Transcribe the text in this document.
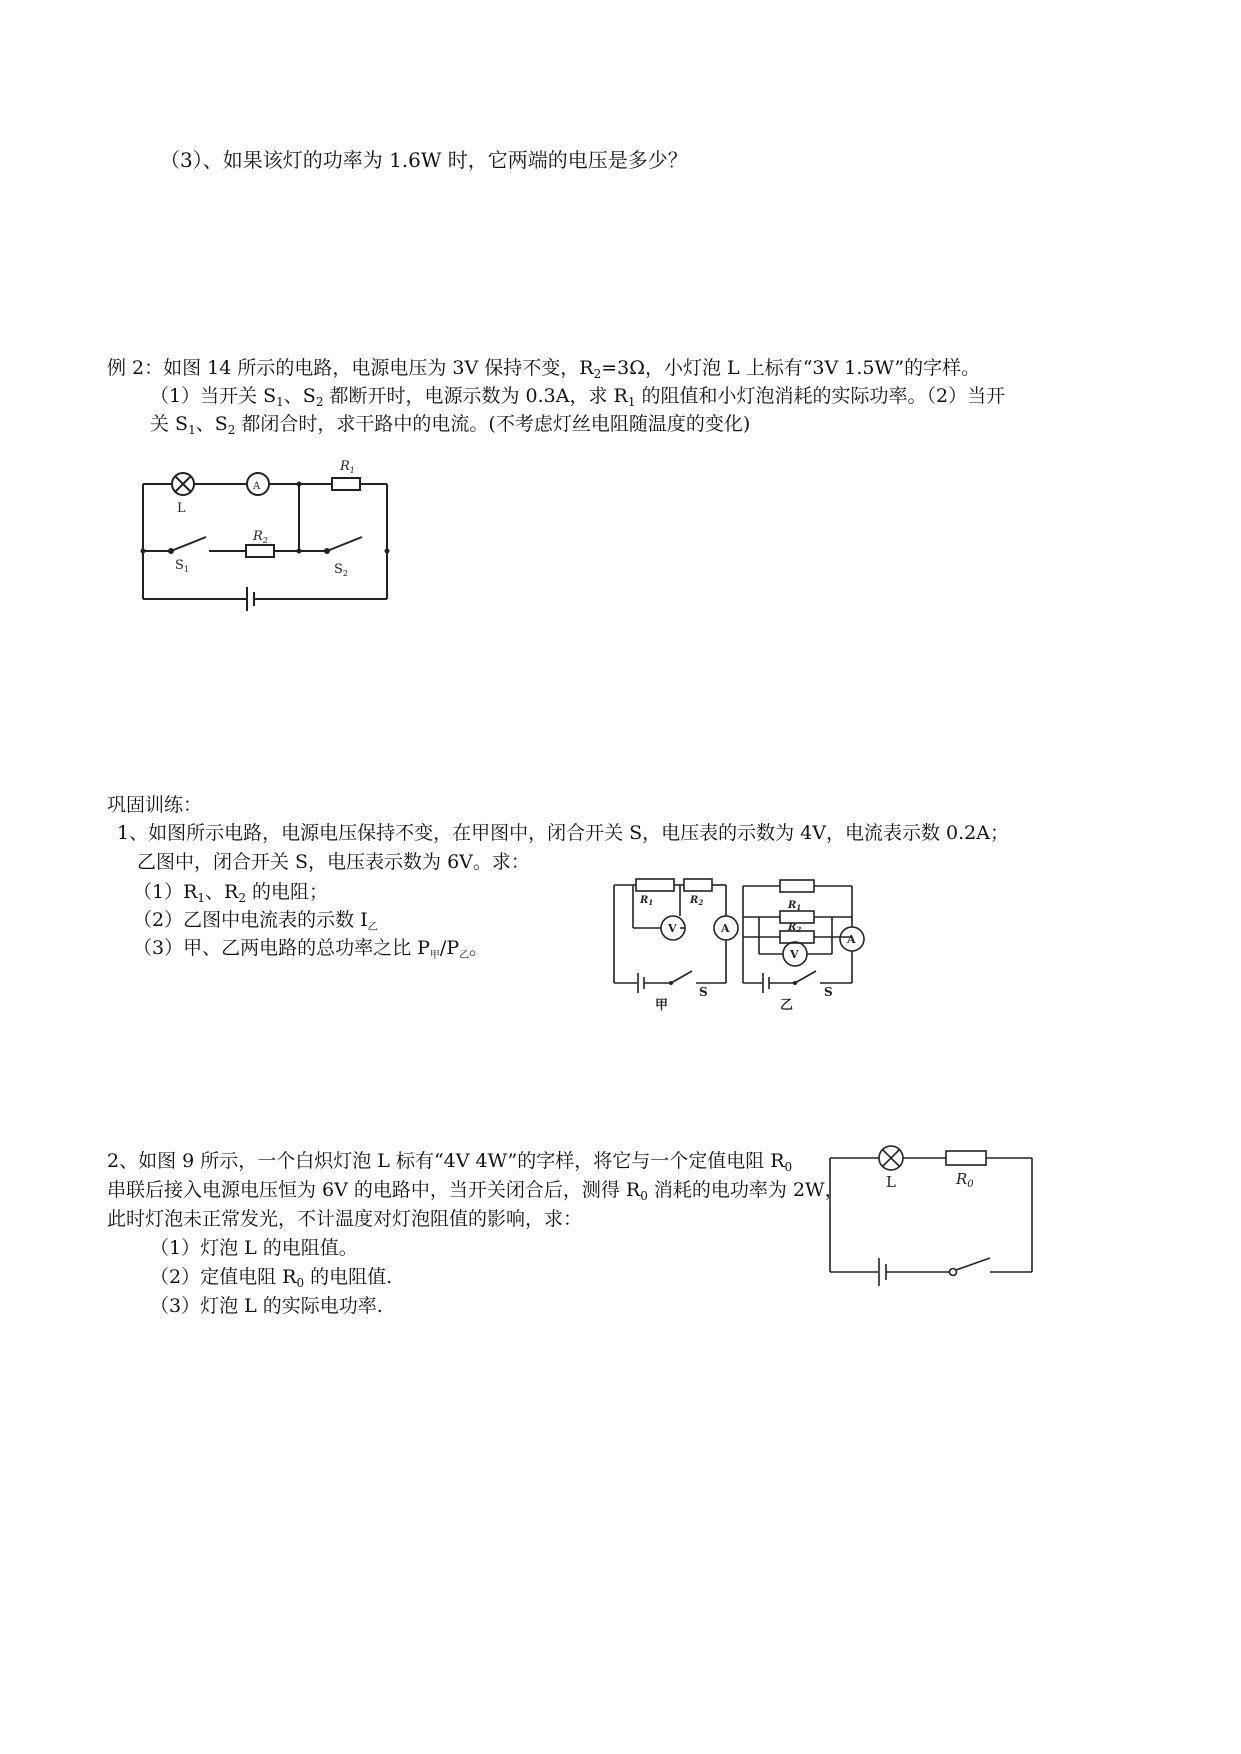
（3）、如果该灯的功率为 1.6W 时，它两端的电压是多少？
例 2：如图 14 所示的电路，电源电压为 3V 保持不变，$R_2=3\Omega$，小灯泡 L 上标有“3V 1.5W”的字样。
（1）当开关 $S_1$、$S_2$ 都断开时，电源示数为 0.3A，求 $R_1$ 的阻值和小灯泡消耗的实际功率。（2）当开
关 $S_1$、$S_2$ 都闭合时，求干路中的电流。(不考虑灯丝电阻随温度的变化)
L
A
$R_1$
$R_2$
$S_1$	$S_2$
巩固训练：
1、如图所示电路，电源电压保持不变，在甲图中，闭合开关 S，电压表的示数为 4V，电流表示数 0.2A；
乙图中，闭合开关 S，电压表示数为 6V。求：
$(1)R_1$、$R_2$ 的电阻；
（2）乙图中电流表的示数 $I_乙$
（3）甲、乙两电路的总功率之比 $P_甲/P_乙$。
$R_1$	$R_2$
V	A
S
甲
$R_1$
$R_2$
V
A
S
乙
2、如图 9 所示，一个白炽灯泡 L 标有“4V 4W”的字样，将它与一个定值电阻 $R_0$
串联后接入电源电压恒为 6V 的电路中，当开关闭合后，测得 $R_0$ 消耗的电功率为 2W，
此时灯泡未正常发光，不计温度对灯泡阻值的影响，求：
（1）灯泡 L 的电阻值。
（2）定值电阻 $R_0$ 的电阻值.
（3）灯泡 L 的实际电功率.
L	$R_0$
